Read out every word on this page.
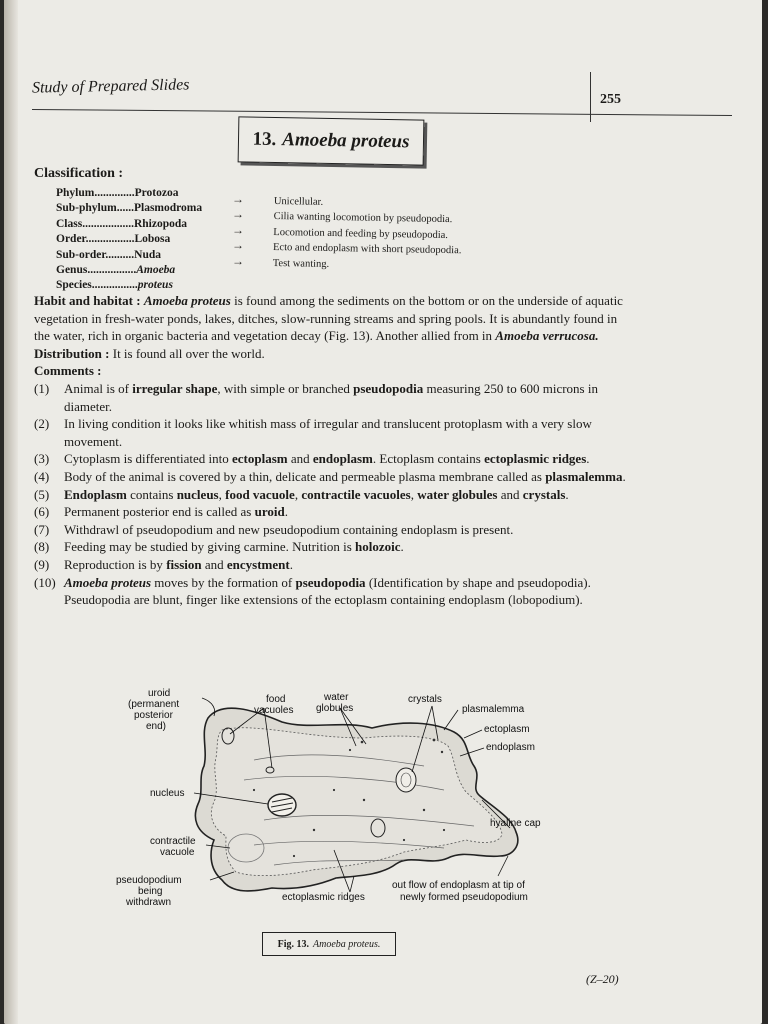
Study of Prepared Slides
255
13. Amoeba proteus
Classification :
Phylum..............Protozoa
Sub-phylum......Plasmodroma
Class..................Rhizopoda
Order.................Lobosa
Sub-order..........Nuda
Genus.................Amoeba
Species................proteus
→
→
→
→
→
Unicellular.
Cilia wanting locomotion by pseudopodia.
Locomotion and feeding by pseudopodia.
Ecto and endoplasm with short pseudopodia.
Test wanting.

Habit and habitat : Amoeba proteus is found among the sediments on the bottom or on the underside of aquatic vegetation in fresh-water ponds, lakes, ditches, slow-running streams and spring pools. It is abundantly found in the water, rich in organic bacteria and vegetation decay (Fig. 13). Another allied from in Amoeba verrucosa.

Distribution : It is found all over the world.

Comments :

(1) Animal is of irregular shape, with simple or branched pseudopodia measuring 250 to 600 microns in diameter.
(2) In living condition it looks like whitish mass of irregular and translucent protoplasm with a very slow movement.
(3) Cytoplasm is differentiated into ectoplasm and endoplasm. Ectoplasm contains ectoplasmic ridges.
(4) Body of the animal is covered by a thin, delicate and permeable plasma membrane called as plasmalemma.
(5) Endoplasm contains nucleus, food vacuole, contractile vacuoles, water globules and crystals.
(6) Permanent posterior end is called as uroid.
(7) Withdrawl of pseudopodium and new pseudopodium containing endoplasm is present.
(8) Feeding may be studied by giving carmine. Nutrition is holozoic.
(9) Reproduction is by fission and encystment.
(10) Amoeba proteus moves by the formation of pseudopodia (Identification by shape and pseudopodia). Pseudopodia are blunt, finger like extensions of the ectoplasm containing endoplasm (lobopodium).
uroid
(permanent
posterior
end)
food
vacuoles
water
globules
crystals
plasmalemma
ectoplasm
endoplasm
nucleus
hyaline cap
contractile
vacuole
pseudopodium
being
withdrawn	ectoplasmic ridges
out flow of endoplasm at tip of
newly formed pseudopodium
Fig. 13. Amoeba proteus.
(Z–20)
